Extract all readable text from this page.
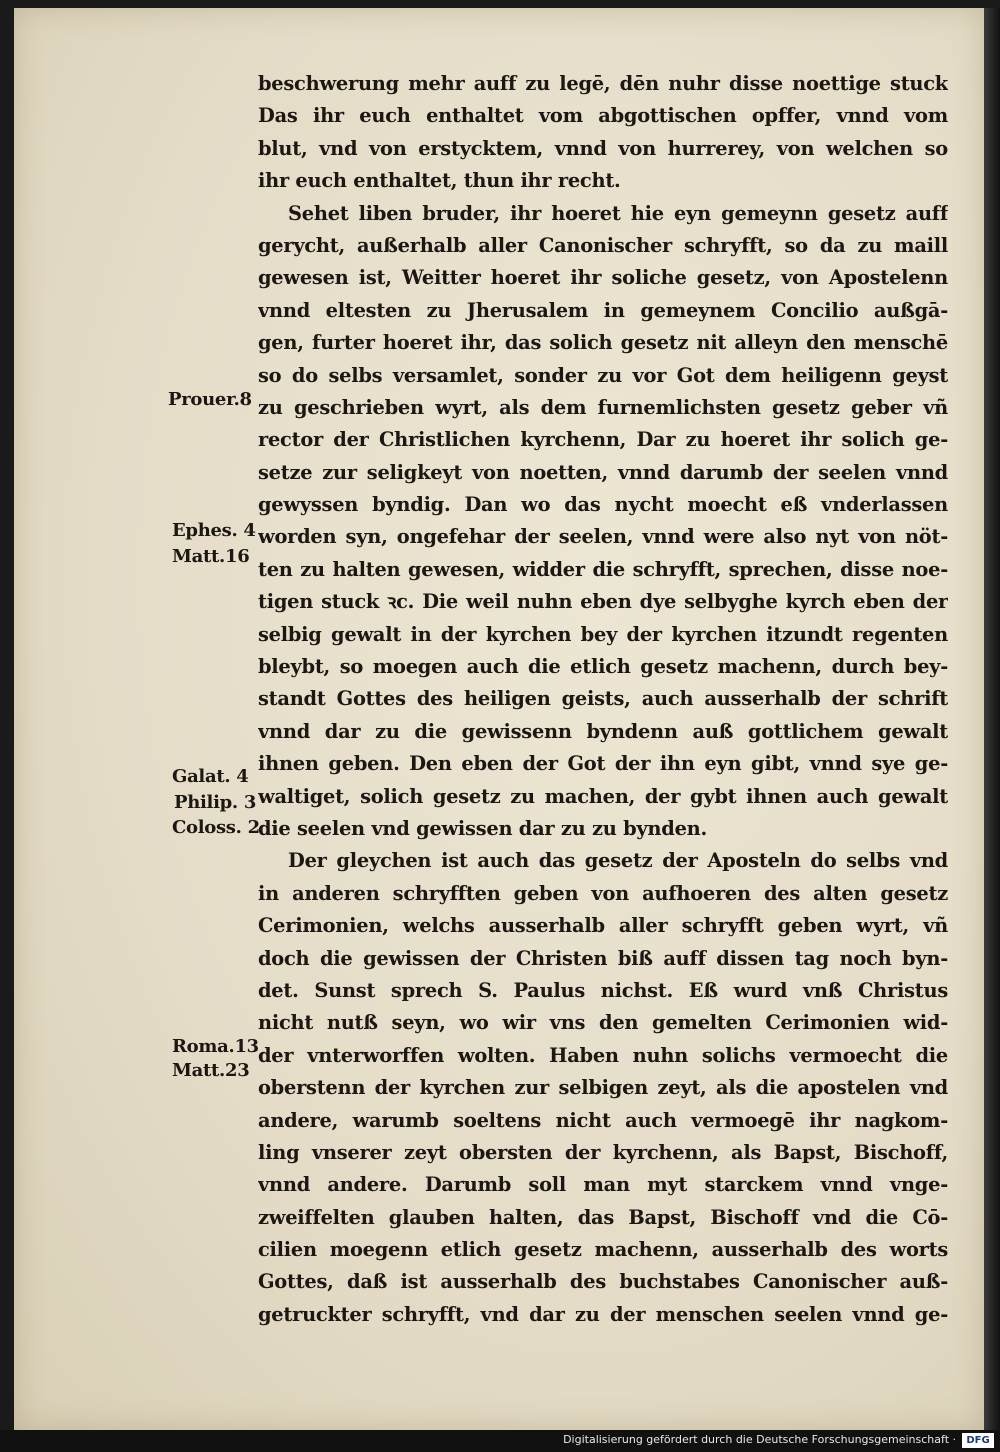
beschwerung mehr auff zu legē, dēn nuhr disse noettige stuck
Das ihr euch enthaltet vom abgottischen opffer, vnnd vom
blut, vnd von erstycktem, vnnd von hurrerey, von welchen so
ihr euch enthaltet, thun ihr recht.
Sehet liben bruder, ihr hoeret hie eyn gemeynn gesetz auff
gerycht, außerhalb aller Canonischer schryfft, so da zu maill
gewesen ist, Weitter hoeret ihr soliche gesetz, von Apostelenn
vnnd eltesten zu Jherusalem in gemeynem Concilio außgā-
gen, furter hoeret ihr, das solich gesetz nit alleyn den menschē
so do selbs versamlet, sonder zu vor Got dem heiligenn geyst
zu geschrieben wyrt, als dem furnemlichsten gesetz geber vñ
rector der Christlichen kyrchenn, Dar zu hoeret ihr solich ge-
setze zur seligkeyt von noetten, vnnd darumb der seelen vnnd
gewyssen byndig. Dan wo das nycht moecht eß vnderlassen
worden syn, ongefehar der seelen, vnnd were also nyt von nöt-
ten zu halten gewesen, widder die schryfft, sprechen, disse noe-
tigen stuck ꝛc. Die weil nuhn eben dye selbyghe kyrch eben der
selbig gewalt in der kyrchen bey der kyrchen itzundt regenten
bleybt, so moegen auch die etlich gesetz machenn, durch bey-
standt Gottes des heiligen geists, auch ausserhalb der schrift
vnnd dar zu die gewissenn byndenn auß gottlichem gewalt
ihnen geben. Den eben der Got der ihn eyn gibt, vnnd sye ge-
waltiget, solich gesetz zu machen, der gybt ihnen auch gewalt
die seelen vnd gewissen dar zu zu bynden.
Der gleychen ist auch das gesetz der Aposteln do selbs vnd
in anderen schryfften geben von aufhoeren des alten gesetz
Cerimonien, welchs ausserhalb aller schryfft geben wyrt, vñ
doch die gewissen der Christen biß auff dissen tag noch byn-
det. Sunst sprech S. Paulus nichst. Eß wurd vnß Christus
nicht nutß seyn, wo wir vns den gemelten Cerimonien wid-
der vnterworffen wolten. Haben nuhn solichs vermoecht die
oberstenn der kyrchen zur selbigen zeyt, als die apostelen vnd
andere, warumb soeltens nicht auch vermoegē ihr nagkom-
ling vnserer zeyt obersten der kyrchenn, als Bapst, Bischoff,
vnnd andere. Darumb soll man myt starckem vnnd vnge-
zweiffelten glauben halten, das Bapst, Bischoff vnd die Cō-
cilien moegenn etlich gesetz machenn, ausserhalb des worts
Gottes, daß ist ausserhalb des buchstabes Canonischer auß-
getruckter schryfft, vnd dar zu der menschen seelen vnnd ge-
Prouer.8
Ephes. 4
Matt.16
Galat. 4
Philip. 3
Coloss. 2
Roma.13
Matt.23
Digitalisierung gefördert durch die Deutsche Forschungsgemeinschaft ·	DFG
